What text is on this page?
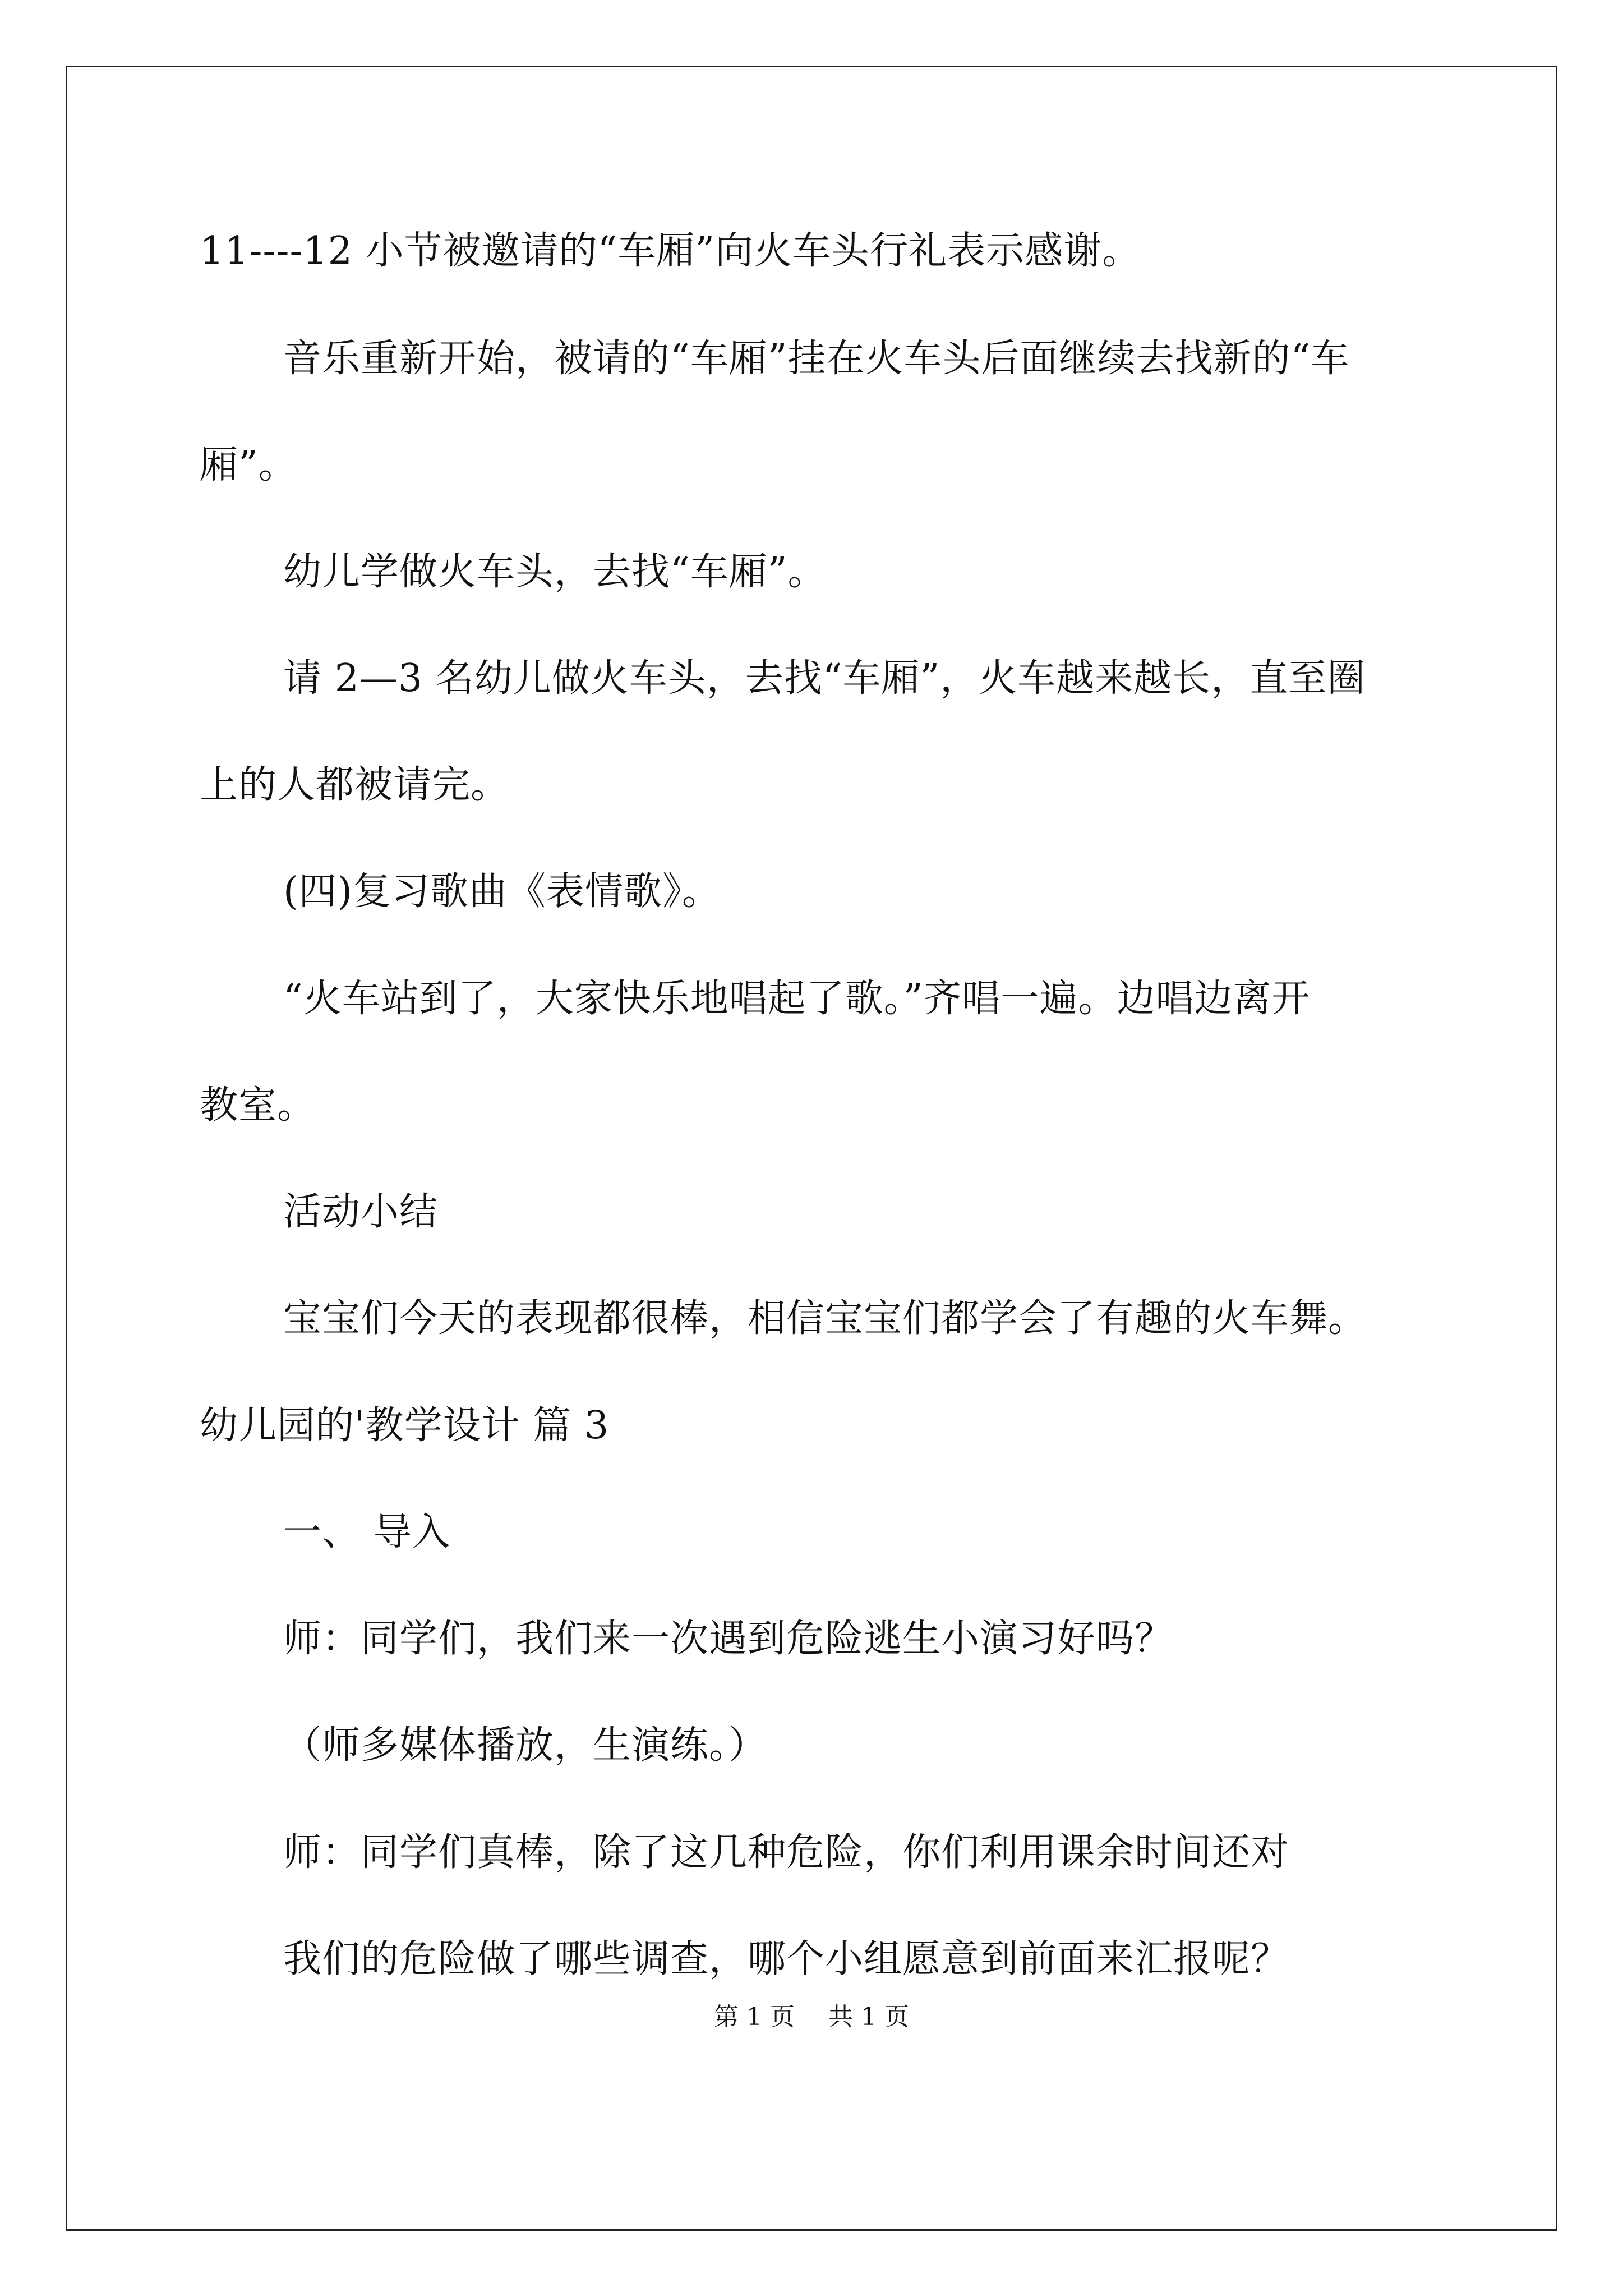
11----12 小节被邀请的“车厢”向火车头行礼表示感谢。
音乐重新开始，被请的“车厢”挂在火车头后面继续去找新的“车
厢”。
幼儿学做火车头，去找“车厢”。
请 2—3 名幼儿做火车头，去找“车厢”，火车越来越长，直至圈
上的人都被请完。
(四)复习歌曲《表情歌》。
“火车站到了，大家快乐地唱起了歌。”齐唱一遍。边唱边离开
教室。
活动小结
宝宝们今天的表现都很棒，相信宝宝们都学会了有趣的火车舞。
幼儿园的'教学设计 篇 3
一、 导入
师：同学们，我们来一次遇到危险逃生小演习好吗？
（师多媒体播放，生演练。）
师：同学们真棒，除了这几种危险，你们利用课余时间还对
我们的危险做了哪些调查，哪个小组愿意到前面来汇报呢？
第 1 页 共 1 页
